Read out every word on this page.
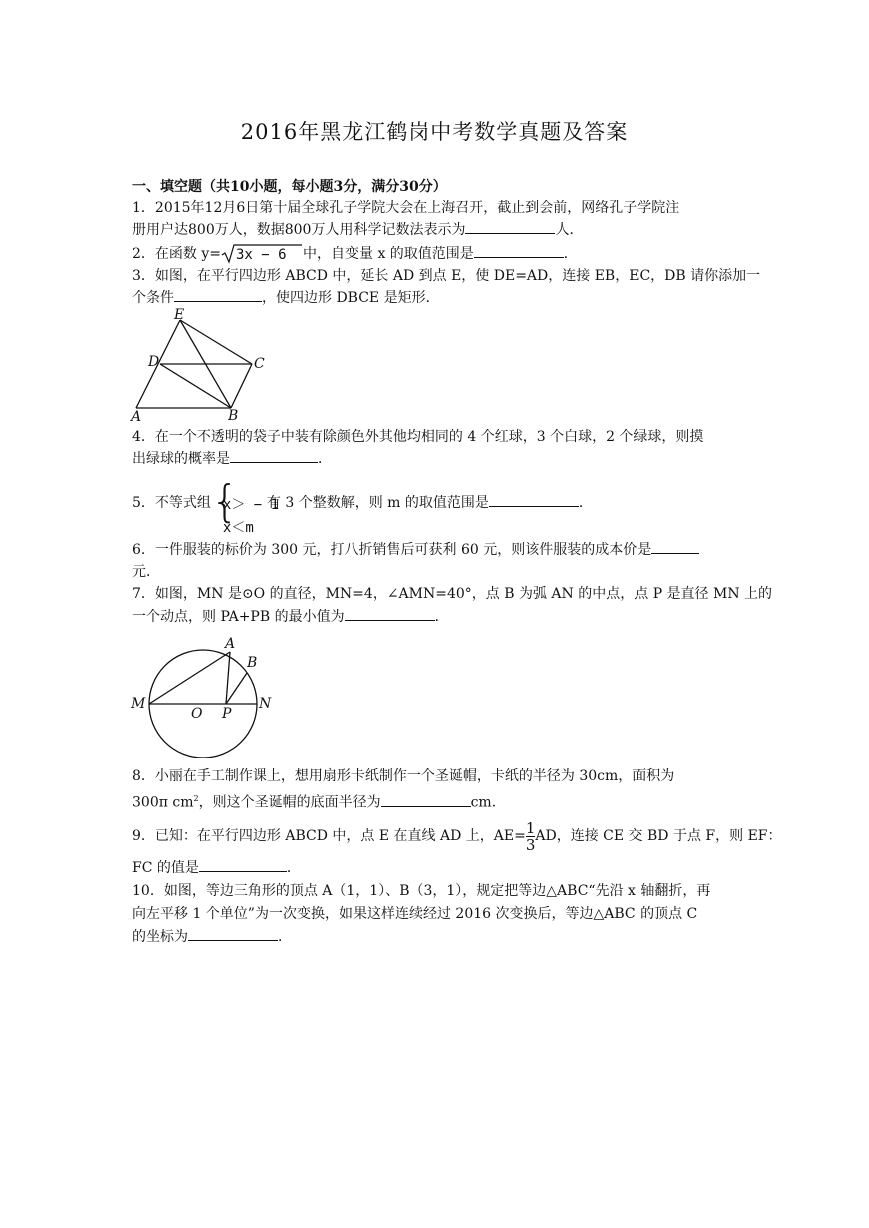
2016年黑龙江鹤岗中考数学真题及答案
一、填空题（共10小题，每小题3分，满分30分）
1．2015年12月6日第十届全球孔子学院大会在上海召开，截止到会前，网络孔子学院注
册用户达800万人，数据800万人用科学记数法表示为	人．
2．在函数 y= 3x − 6 中，自变量 x 的取值范围是	．
3．如图，在平行四边形 ABCD 中，延长 AD 到点 E，使 DE=AD，连接 EB，EC，DB 请你添加一
个条件	，使四边形 DBCE 是矩形．
E
D	C
A	B
4．在一个不透明的袋子中装有除颜色外其他均相同的 4 个红球，3 个白球，2 个绿球，则摸
出绿球的概率是	．
5．不等式组 {
x＞ − 1
x＜m
有 3 个整数解，则 m 的取值范围是	．
6．一件服装的标价为 300 元，打八折销售后可获利 60 元，则该件服装的成本价是
元．
7．如图，MN 是⊙O 的直径，MN=4，∠AMN=40°，点 B 为弧 AN 的中点，点 P 是直径 MN 上的
一个动点，则 PA+PB 的最小值为	．
A
B
M
O P
N
8．小丽在手工制作课上，想用扇形卡纸制作一个圣诞帽，卡纸的半径为 30cm，面积为
300π $cm^2$，则这个圣诞帽的底面半径为	cm.
9．已知：在平行四边形 ABCD 中，点 E 在直线 AD 上，$AE= \frac{1}{3}$ AD，连接 CE 交 BD 于点 F，则 EF：
FC 的值是	．
10．如图，等边三角形的顶点 A（1，1）、B（3，1），规定把等边△ABC“先沿 x 轴翻折，再
向左平移 1 个单位”为一次变换，如果这样连续经过 2016 次变换后，等边△ABC 的顶点 C
的坐标为	．
